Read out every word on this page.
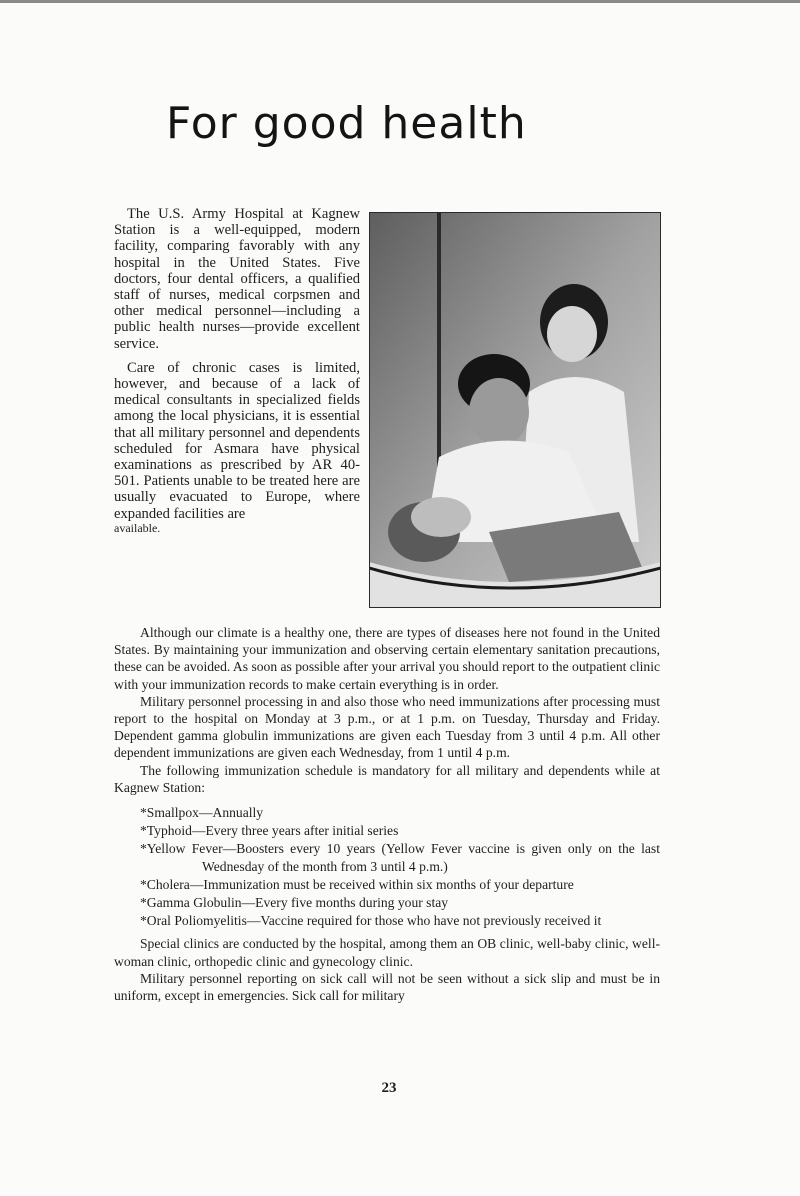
For good health

The U.S. Army Hospital at Kagnew Station is a well-equipped, modern facility, comparing favorably with any hospital in the United States. Five doctors, four dental officers, a qualified staff of nurses, medical corpsmen and other medical personnel—including a public health nurses—provide excellent service.

Care of chronic cases is limited, however, and because of a lack of medical consultants in specialized fields among the local physicians, it is essential that all military personnel and dependents scheduled for Asmara have physical examinations as prescribed by AR 40-501. Patients unable to be treated here are usually evacuated to Europe, where expanded facilities are

available.

Although our climate is a healthy one, there are types of diseases here not found in the United States. By maintaining your immunization and observing certain elementary sanitation precautions, these can be avoided. As soon as possible after your arrival you should report to the outpatient clinic with your immunization records to make certain everything is in order.

Military personnel processing in and also those who need immunizations after processing must report to the hospital on Monday at 3 p.m., or at 1 p.m. on Tuesday, Thursday and Friday. Dependent gamma globulin immunizations are given each Tuesday from 3 until 4 p.m. All other dependent immunizations are given each Wednesday, from 1 until 4 p.m.

The following immunization schedule is mandatory for all military and dependents while at Kagnew Station:

*Smallpox—Annually
*Typhoid—Every three years after initial series
*Yellow Fever—Boosters every 10 years (Yellow Fever vaccine is given only on the last Wednesday of the month from 3 until 4 p.m.)
*Cholera—Immunization must be received within six months of your departure
*Gamma Globulin—Every five months during your stay
*Oral Poliomyelitis—Vaccine required for those who have not previously received it

Special clinics are conducted by the hospital, among them an OB clinic, well-baby clinic, well-woman clinic, orthopedic clinic and gynecology clinic.

Military personnel reporting on sick call will not be seen without a sick slip and must be in uniform, except in emergencies. Sick call for military

23
